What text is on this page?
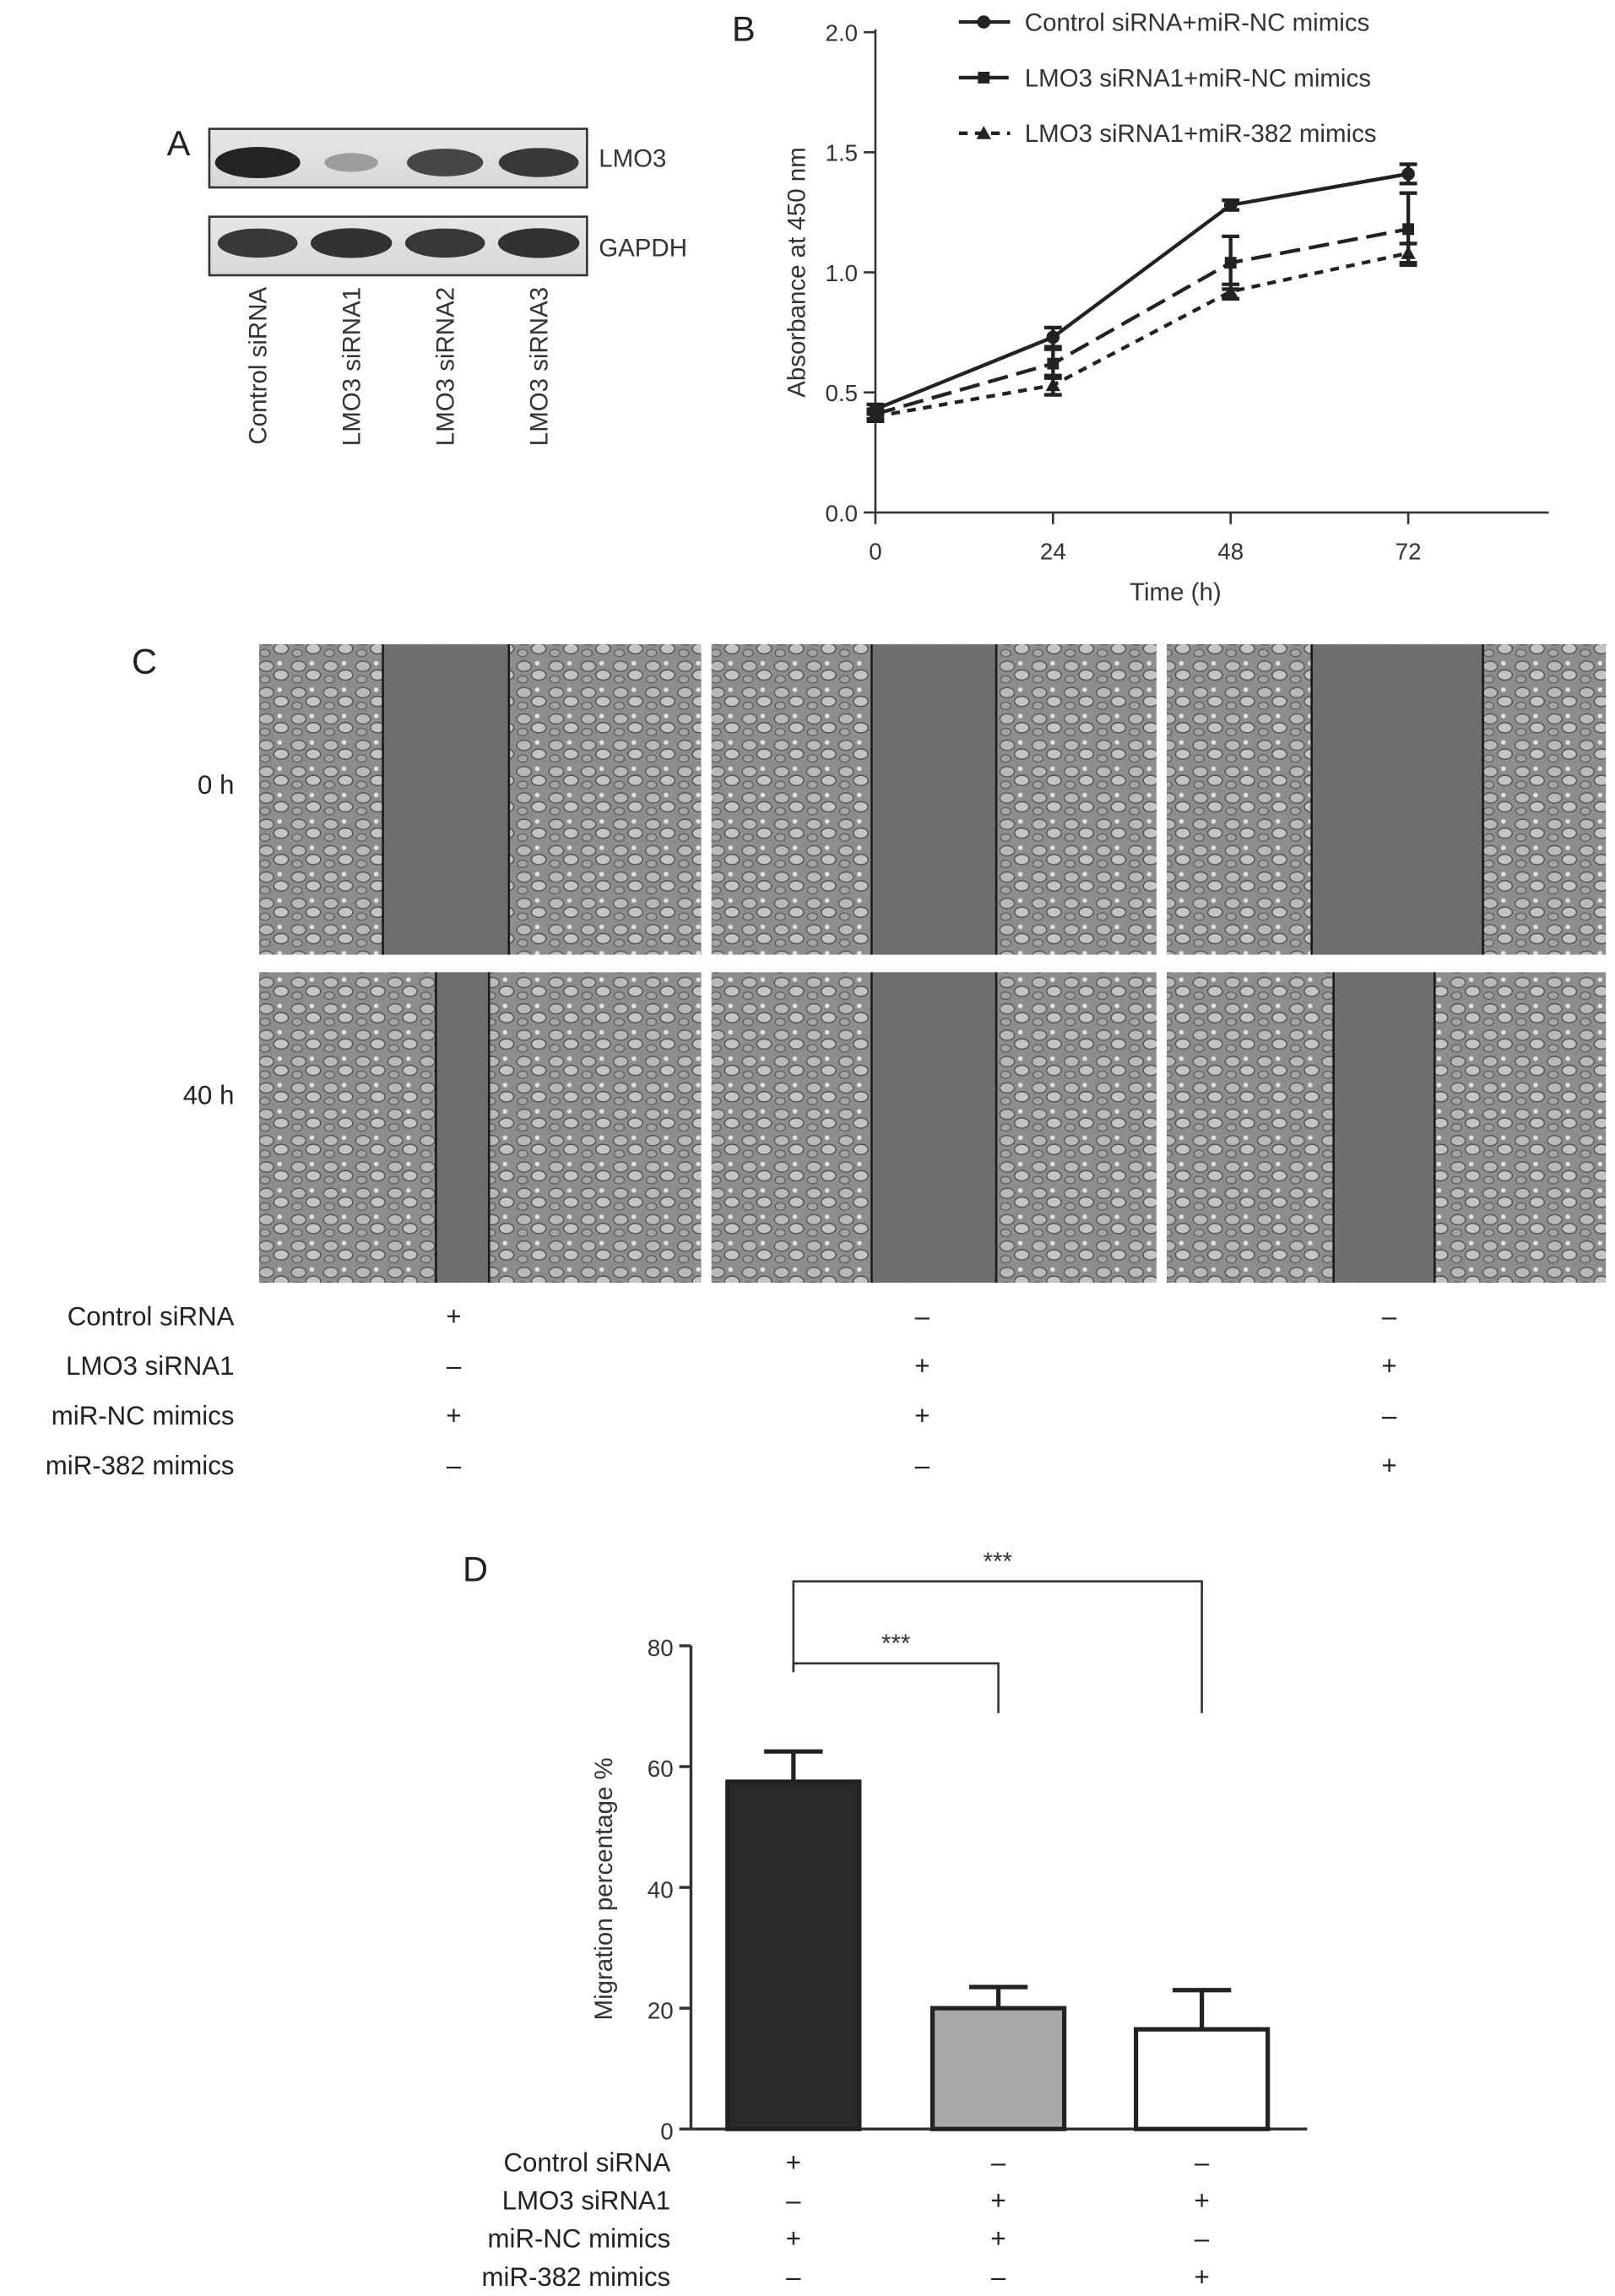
A	LMO3
GAPDH
Control siRNA	LMO3 siRNA1	LMO3 siRNA2	LMO3 siRNA3
B
0.0
0.5
1.0
1.5
2.0
0	24	48	72
Absorbance at 450 nm
Time (h)
Control siRNA+miR-NC mimics
LMO3 siRNA1+miR-NC mimics
LMO3 siRNA1+miR-382 mimics
C
0 h
40 h
Control siRNA	+	–	–
LMO3 siRNA1	–	+	+
miR-NC mimics	+	+	–
miR-382 mimics	–	–	+
D
0
20
40
60
80
Migration percentage %
***
***
Control siRNA	+	–	–
LMO3 siRNA1	–	+	+
miR-NC mimics	+	+	–
miR-382 mimics	–	–	+
